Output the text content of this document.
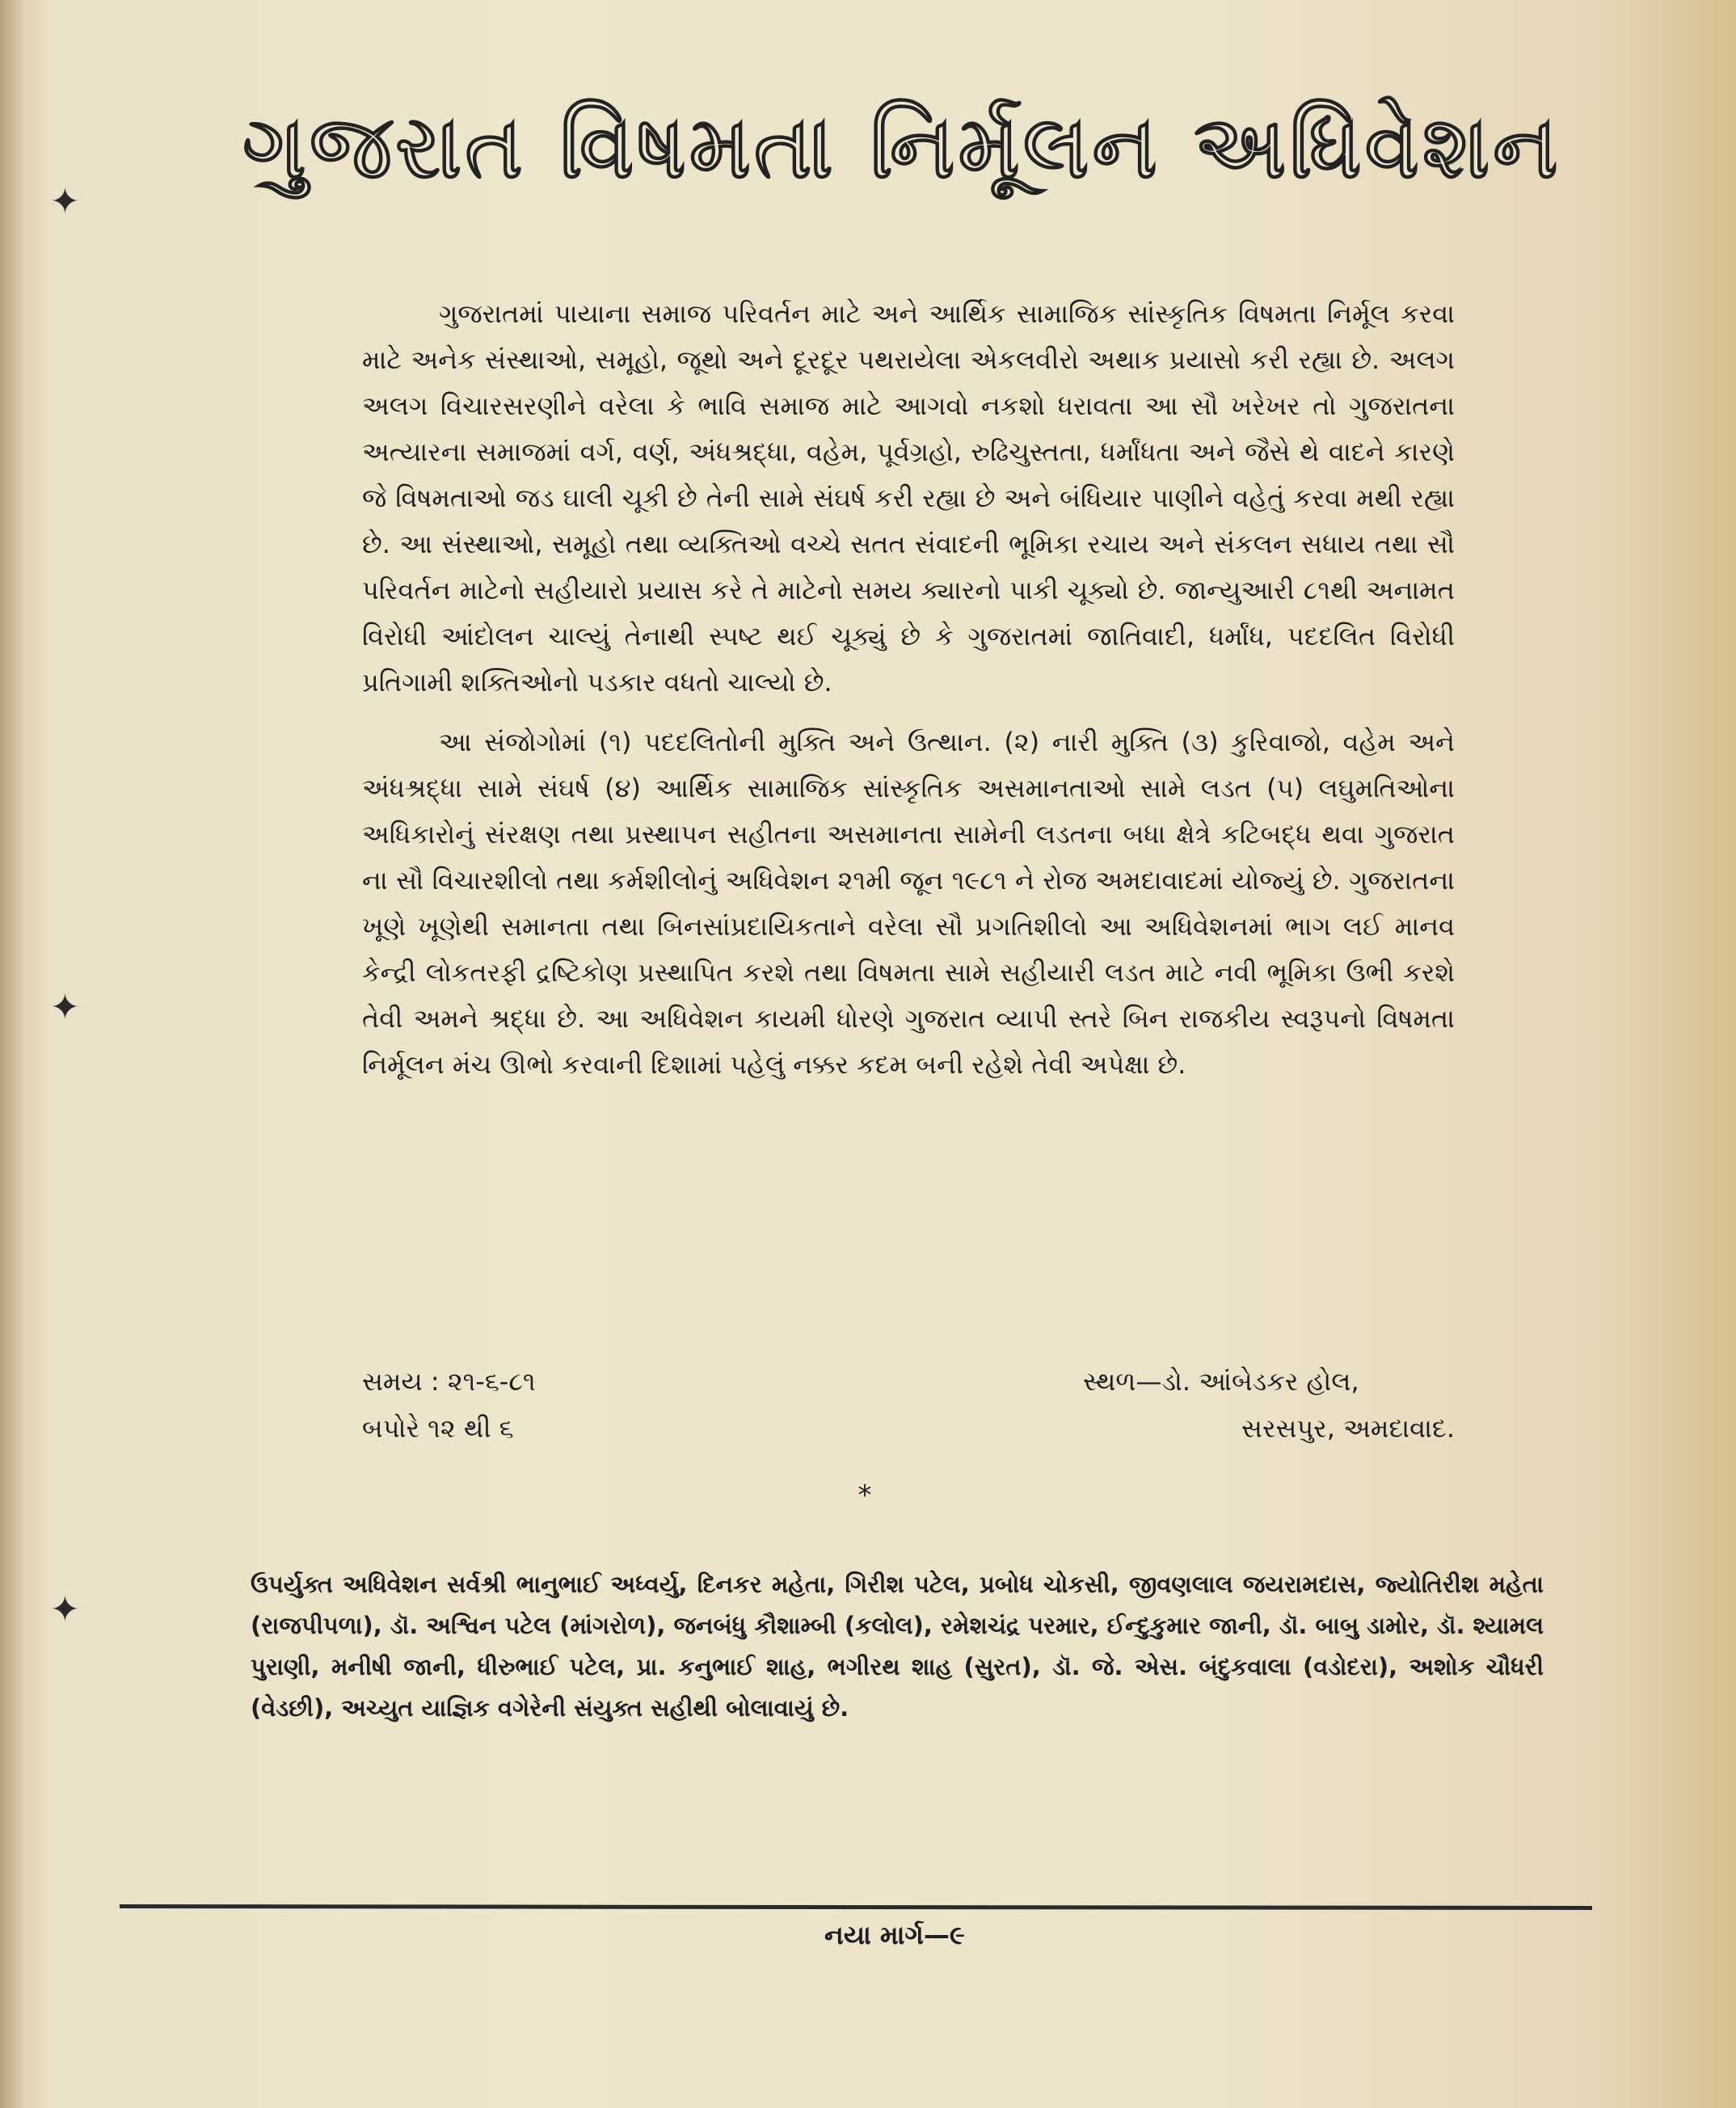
✦
✦
✦
ગુજરાત વિષમતા નિર્મૂલન અધિવેશન

ગુજરાતમાં પાયાના સમાજ પરિવર્તન માટે અને આર્થિક સામાજિક સાંસ્કૃતિક વિષમતા નિર્મૂલ કરવા માટે અનેક સંસ્થાઓ, સમૂહો, જૂથો અને દૂરદૂર પથરાયેલા એકલવીરો અથાક પ્રયાસો કરી રહ્યા છે. અલગ અલગ વિચારસરણીને વરેલા કે ભાવિ સમાજ માટે આગવો નકશો ધરાવતા આ સૌ ખરેખર તો ગુજરાતના અત્યારના સમાજમાં વર્ગ, વર્ણ, અંધશ્રદ્ધા, વહેમ, પૂર્વગ્રહો, રુઢિચુસ્તતા, ધર્માંધતા અને જૈસે થે વાદને કારણે જે વિષમતાઓ જડ ઘાલી ચૂકી છે તેની સામે સંઘર્ષ કરી રહ્યા છે અને બંધિયાર પાણીને વહેતું કરવા મથી રહ્યા છે. આ સંસ્થાઓ, સમૂહો તથા વ્યક્તિઓ વચ્ચે સતત સંવાદની ભૂમિકા રચાય અને સંકલન સધાય તથા સૌ પરિવર્તન માટેનો સહીયારો પ્રયાસ કરે તે માટેનો સમય ક્યારનો પાકી ચૂક્યો છે. જાન્યુઆરી ૮૧થી અનામત વિરોધી આંદોલન ચાલ્યું તેનાથી સ્પષ્ટ થઈ ચૂક્યું છે કે ગુજરાતમાં જાતિવાદી, ધર્માંધ, પદદલિત વિરોધી પ્રતિગામી શક્તિઓનો પડકાર વધતો ચાલ્યો છે.

આ સંજોગોમાં (૧) પદદલિતોની મુક્તિ અને ઉત્થાન. (૨) નારી મુક્તિ (૩) કુરિવાજો, વહેમ અને અંધશ્રદ્ધા સામે સંઘર્ષ (૪) આર્થિક સામાજિક સાંસ્કૃતિક અસમાનતાઓ સામે લડત (૫) લઘુમતિઓના અધિકારોનું સંરક્ષણ તથા પ્રસ્થાપન સહીતના અસમાનતા સામેની લડતના બધા ક્ષેત્રે કટિબદ્ધ થવા ગુજરાત ના સૌ વિચારશીલો તથા કર્મશીલોનું અધિવેશન ૨૧મી જૂન ૧૯૮૧ ને રોજ અમદાવાદમાં યોજ્યું છે. ગુજરાતના ખૂણે ખૂણેથી સમાનતા તથા બિનસાંપ્રદાયિકતાને વરેલા સૌ પ્રગતિશીલો આ અધિવેશનમાં ભાગ લઈ માનવ કેન્દ્રી લોકતરફી દ્રષ્ટિકોણ પ્રસ્થાપિત કરશે તથા વિષમતા સામે સહીયારી લડત માટે નવી ભૂમિકા ઉભી કરશે તેવી અમને શ્રદ્ધા છે. આ અધિવેશન કાયમી ધોરણે ગુજરાત વ્યાપી સ્તરે બિન રાજકીય સ્વરૂપનો વિષમતા નિર્મૂલન મંચ ઊભો કરવાની દિશામાં પહેલું નક્કર કદમ બની રહેશે તેવી અપેક્ષા છે.

સમય : ૨૧-૬-૮૧
બપોરે ૧૨ થી ૬
સ્થળ—ડો. આંબેડકર હોલ,
સરસપુર, અમદાવાદ.
*
ઉપર્યુક્ત અધિવેશન સર્વશ્રી ભાનુભાઈ અધ્વર્યુ, દિનકર મહેતા, ગિરીશ પટેલ, પ્રબોધ ચોકસી, જીવણલાલ જયરામદાસ, જ્યોતિરીશ મહેતા (રાજપીપળા), ડૉ. અશ્વિન પટેલ (માંગરોળ), જનબંધુ કૌશામ્બી (કલોલ), રમેશચંદ્ર પરમાર, ઈન્દુકુમાર જાની, ડૉ. બાબુ ડામોર, ડૉ. શ્યામલ પુરાણી, મનીષી જાની, ધીરુભાઈ પટેલ, પ્રા. કનુભાઈ શાહ, ભગીરથ શાહ (સુરત), ડૉ. જે. એસ. બંદુકવાલા (વડોદરા), અશોક ચૌધરી (વેડછી), અચ્યુત યાજ્ઞિક વગેરેની સંયુક્ત સહીથી બોલાવાયું છે.
નયા માર્ગ—૯
